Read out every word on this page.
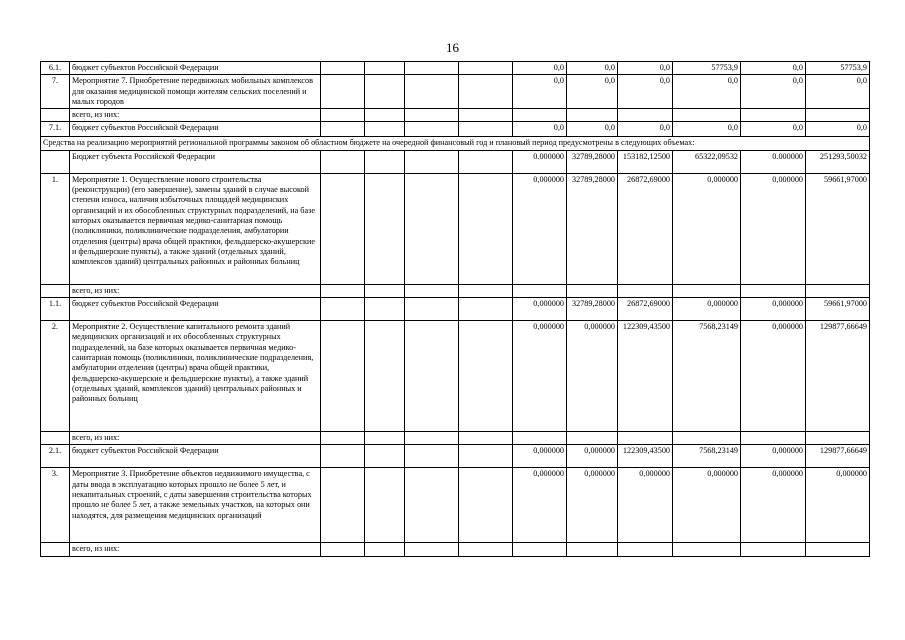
16
6.1.	бюджет субъектов Российской Федерации					0,0	0,0	0,0	57753,9	0,0	57753,9
7.	Мероприятие 7. Приобретение передвижных мобильных комплексов для оказания медицинской помощи жителям сельских поселений и малых городов					0,0	0,0	0,0	0,0	0,0	0,0
	всего, из них:										
7.1.	бюджет субъектов Российской Федерации					0,0	0,0	0,0	0,0	0,0	0,0
Средства на реализацию мероприятий региональной программы законом об областном бюджете на очередной финансовый год и плановый период предусмотрены в следующих объемах:											
	Бюджет субъекта Российской Федерации					0.000000	32789,28000	153182,12500	65322,09532	0.000000	251293,50032
1.	Мероприятие 1. Осуществление нового строительства (реконструкции) (его завершение), замены зданий в случае высокой степени износа, наличия избыточных площадей медицинских организаций и их обособленных структурных подразделений, на базе которых оказывается первичная медико-санитарная помощь (поликлиники, поликлинические подразделения, амбулатории отделения (центры) врача общей практики, фельдшерско-акушерские и фельдшерские пункты), а также зданий (отдельных зданий, комплексов зданий) центральных районных и районных больниц					0,000000	32789,28000	26872,69000	0,000000	0,000000	59661,97000
	всего, из них:										
1.1.	бюджет субъектов Российской Федерации					0,000000	32789,28000	26872,69000	0,000000	0,000000	59661,97000
2.	Мероприятие 2. Осуществление капитального ремонта зданий медицинских организаций и их обособленных структурных подразделений, на базе которых оказывается первичная медико-санитарная помощь (поликлиники, поликлинические подразделения, амбулатории отделения (центры) врача общей практики, фельдшерско-акушерские и фельдшерские пункты), а также зданий (отдельных зданий, комплексов зданий) центральных районных и районных больниц					0,000000	0,000000	122309,43500	7568,23149	0,000000	129877,66649
	всего, из них:										
2.1.	бюджет субъектов Российской Федерации					0,000000	0,000000	122309,43500	7568,23149	0,000000	129877,66649
3.	Мероприятие 3. Приобретение объектов недвижимого имущества, с даты ввода в эксплуатацию которых прошло не более 5 лет, и некапитальных строений, с даты завершения строительства которых прошло не более 5 лет, а также земельных участков, на которых они находятся, для размещения медицинских организаций					0,000000	0,000000	0,000000	0,000000	0,000000	0,000000
	всего, из них:										
